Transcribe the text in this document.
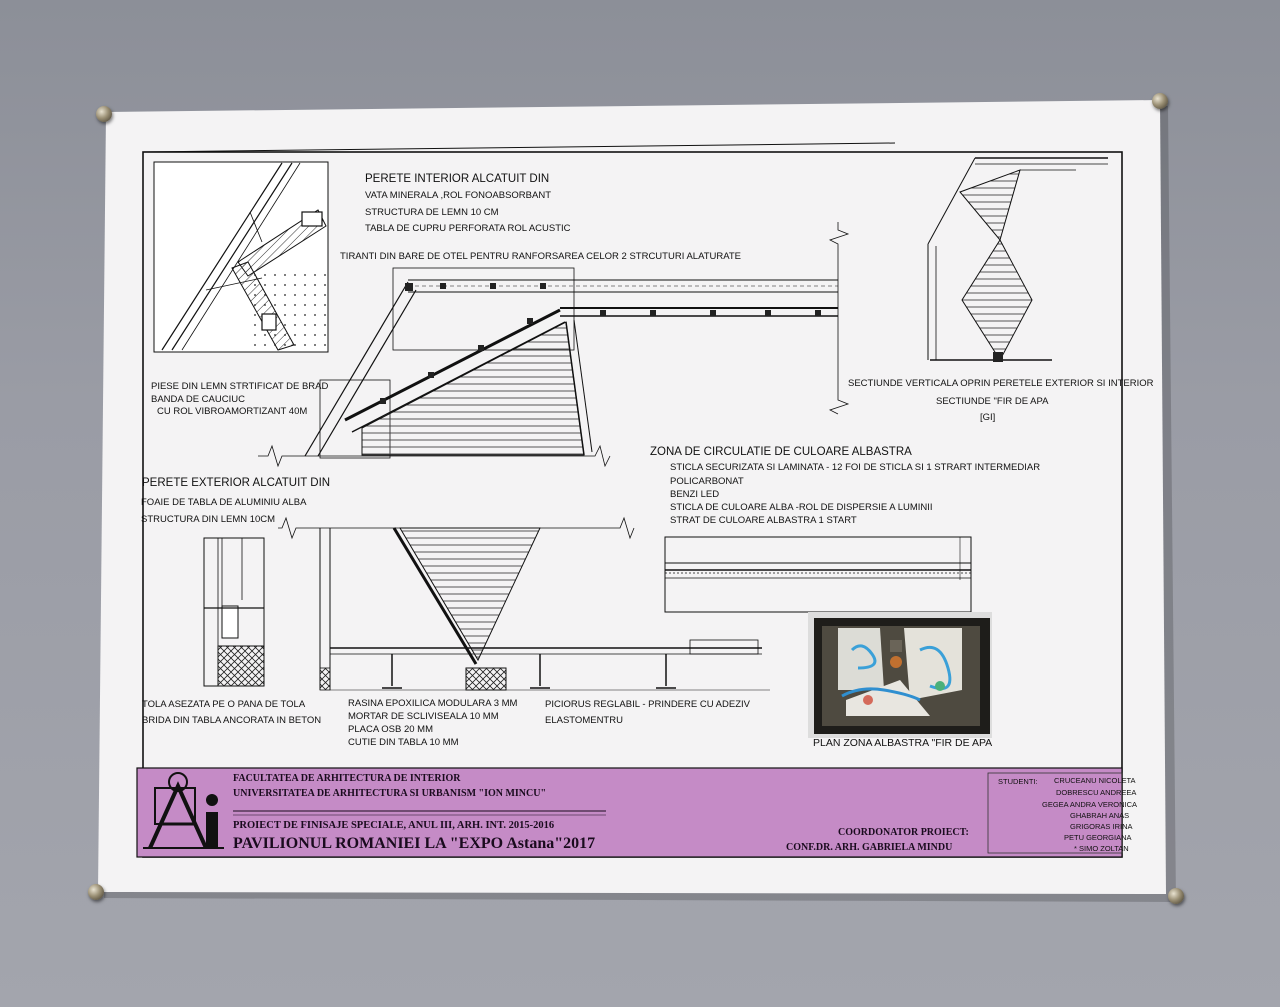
PERETE INTERIOR ALCATUIT DIN
VATA MINERALA ,ROL FONOABSORBANT
STRUCTURA DE LEMN 10 CM
TABLA DE CUPRU PERFORATA ROL ACUSTIC
TIRANTI DIN BARE DE OTEL PENTRU RANFORSAREA CELOR 2 STRCUTURI ALATURATE
PIESE DIN LEMN STRTIFICAT DE BRAD
BANDA DE CAUCIUC
CU ROL VIBROAMORTIZANT 40M
SECTIUNDE VERTICALA OPRIN PERETELE EXTERIOR SI INTERIOR
SECTIUNDE "FIR DE APA
[GI]
ZONA DE CIRCULATIE DE CULOARE ALBASTRA
STICLA SECURIZATA SI LAMINATA - 12 FOI DE STICLA SI 1 STRART INTERMEDIAR
POLICARBONAT
BENZI LED
STICLA DE CULOARE ALBA -ROL DE DISPERSIE A LUMINII
STRAT DE CULOARE ALBASTRA 1 START
PERETE EXTERIOR ALCATUIT DIN
FOAIE DE TABLA DE ALUMINIU ALBA
STRUCTURA DIN LEMN 10CM
TOLA ASEZATA PE O PANA DE TOLA
BRIDA DIN TABLA ANCORATA IN BETON
RASINA EPOXILICA MODULARA 3 MM
MORTAR DE SCLIVISEALA 10 MM
PLACA OSB 20 MM
CUTIE DIN TABLA 10 MM
PICIORUS REGLABIL - PRINDERE CU ADEZIV
ELASTOMENTRU
PLAN ZONA ALBASTRA "FIR DE APA
FACULTATEA DE ARHITECTURA DE INTERIOR
UNIVERSITATEA DE ARHITECTURA SI URBANISM "ION MINCU"
PROIECT DE FINISAJE SPECIALE, ANUL III, ARH. INT. 2015-2016
PAVILIONUL ROMANIEI LA "EXPO Astana"2017
COORDONATOR PROIECT:
CONF.DR. ARH. GABRIELA MINDU
STUDENTI: CRUCEANU NICOLETA
DOBRESCU ANDREEA
GEGEA ANDRA VERONICA
GHABRAH ANAS
GRIGORAS IRINA
PETU GEORGIANA
* SIMO ZOLTAN
